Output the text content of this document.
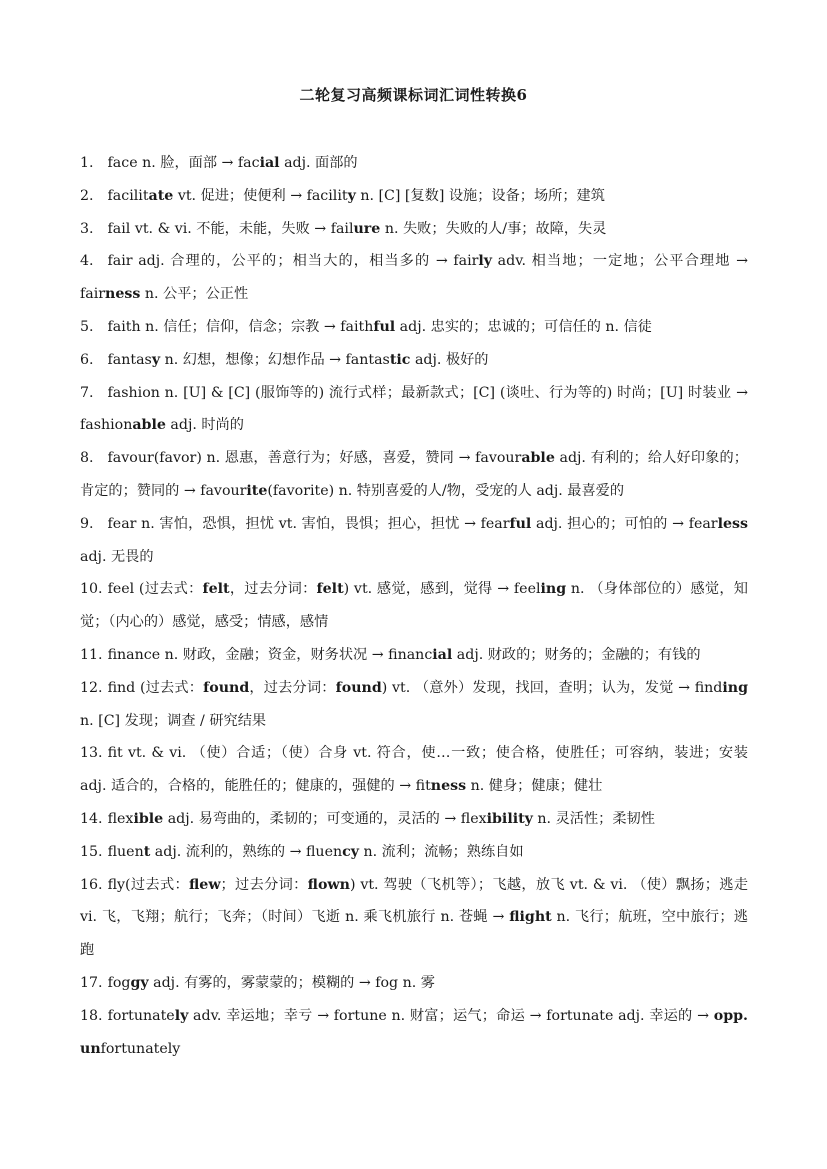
二轮复习高频课标词汇词性转换6

1. face n. 脸，面部 → facial adj. 面部的

2. facilitate vt. 促进；使便利 → facility n. [C] [复数] 设施；设备；场所；建筑

3. fail vt. & vi. 不能，未能，失败 → failure n. 失败；失败的人/事；故障，失灵

4. fair adj. 合理的，公平的；相当大的，相当多的 → fairly adv. 相当地；一定地；公平合理地 → fairness n. 公平；公正性

5. faith n. 信任；信仰，信念；宗教 → faithful adj. 忠实的；忠诚的；可信任的 n. 信徒

6. fantasy n. 幻想，想像；幻想作品 → fantastic adj. 极好的

7. fashion n. [U] & [C] (服饰等的) 流行式样；最新款式；[C] (谈吐、行为等的) 时尚；[U] 时装业 → fashionable adj. 时尚的

8. favour(favor) n. 恩惠，善意行为；好感，喜爱，赞同 → favourable adj. 有利的；给人好印象的；肯定的；赞同的 → favourite(favorite) n. 特别喜爱的人/物，受宠的人 adj. 最喜爱的

9. fear n. 害怕，恐惧，担忧 vt. 害怕，畏惧；担心，担忧 → fearful adj. 担心的；可怕的 → fearless adj. 无畏的

10. feel (过去式：felt，过去分词：felt) vt. 感觉，感到，觉得 → feeling n. （身体部位的）感觉，知觉；（内心的）感觉，感受；情感，感情

11. finance n. 财政，金融；资金，财务状况 → financial adj. 财政的；财务的；金融的；有钱的

12. find (过去式：found，过去分词：found) vt. （意外）发现，找回，查明；认为，发觉 → finding n. [C] 发现；调查 / 研究结果

13. fit vt. & vi. （使）合适；（使）合身 vt. 符合，使…一致；使合格，使胜任；可容纳，装进；安装 adj. 适合的，合格的，能胜任的；健康的，强健的 → fitness n. 健身；健康；健壮

14. flexible adj. 易弯曲的，柔韧的；可变通的，灵活的 → flexibility n. 灵活性；柔韧性

15. fluent adj. 流利的，熟练的 → fluency n. 流利；流畅；熟练自如

16. fly(过去式：flew；过去分词：flown) vt. 驾驶（飞机等）；飞越，放飞 vt. & vi. （使）飘扬；逃走 vi. 飞，飞翔；航行；飞奔；（时间）飞逝 n. 乘飞机旅行 n. 苍蝇 → flight n. 飞行；航班，空中旅行；逃跑

17. foggy adj. 有雾的，雾蒙蒙的；模糊的 → fog n. 雾

18. fortunately adv. 幸运地；幸亏 → fortune n. 财富；运气；命运 → fortunate adj. 幸运的 → opp. unfortunately
